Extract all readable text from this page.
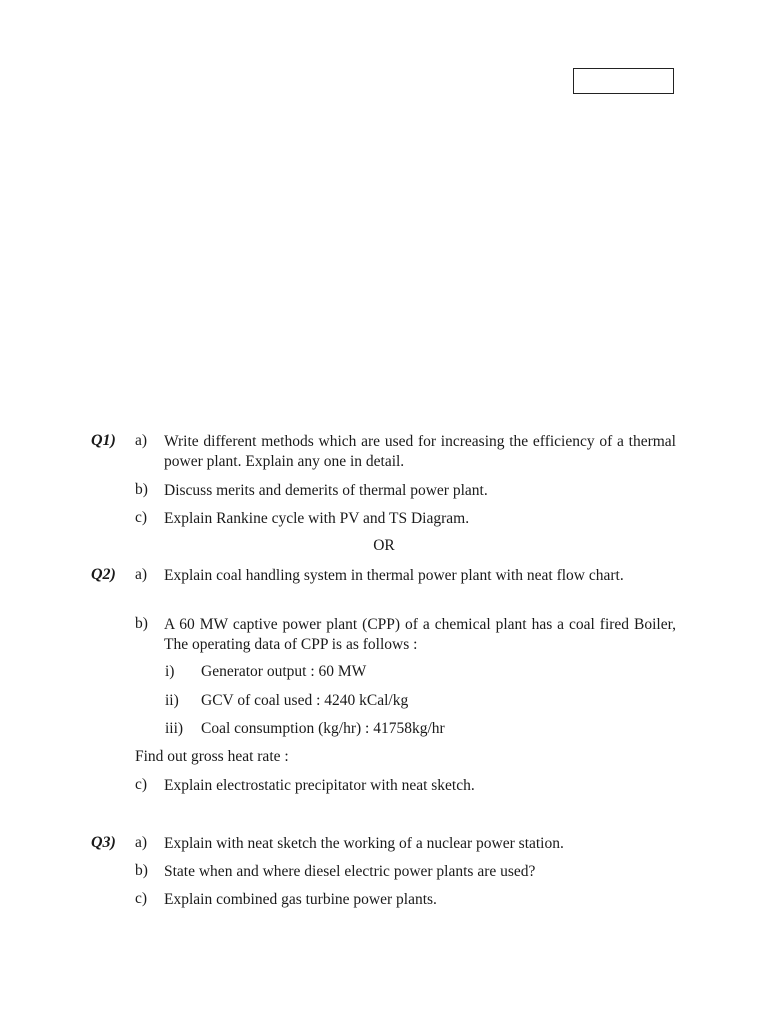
Q1) a) Write different methods which are used for increasing the efficiency of a thermal power plant. Explain any one in detail.
b) Discuss merits and demerits of thermal power plant.
c) Explain Rankine cycle with PV and TS Diagram.
OR
Q2) a) Explain coal handling system in thermal power plant with neat flow chart.
b) A 60 MW captive power plant (CPP) of a chemical plant has a coal fired Boiler, The operating data of CPP is as follows :
i) Generator output : 60 MW
ii) GCV of coal used : 4240 kCal/kg
iii) Coal consumption (kg/hr) : 41758kg/hr
Find out gross heat rate :
c) Explain electrostatic precipitator with neat sketch.
Q3) a) Explain with neat sketch the working of a nuclear power station.
b) State when and where diesel electric power plants are used?
c) Explain combined gas turbine power plants.
